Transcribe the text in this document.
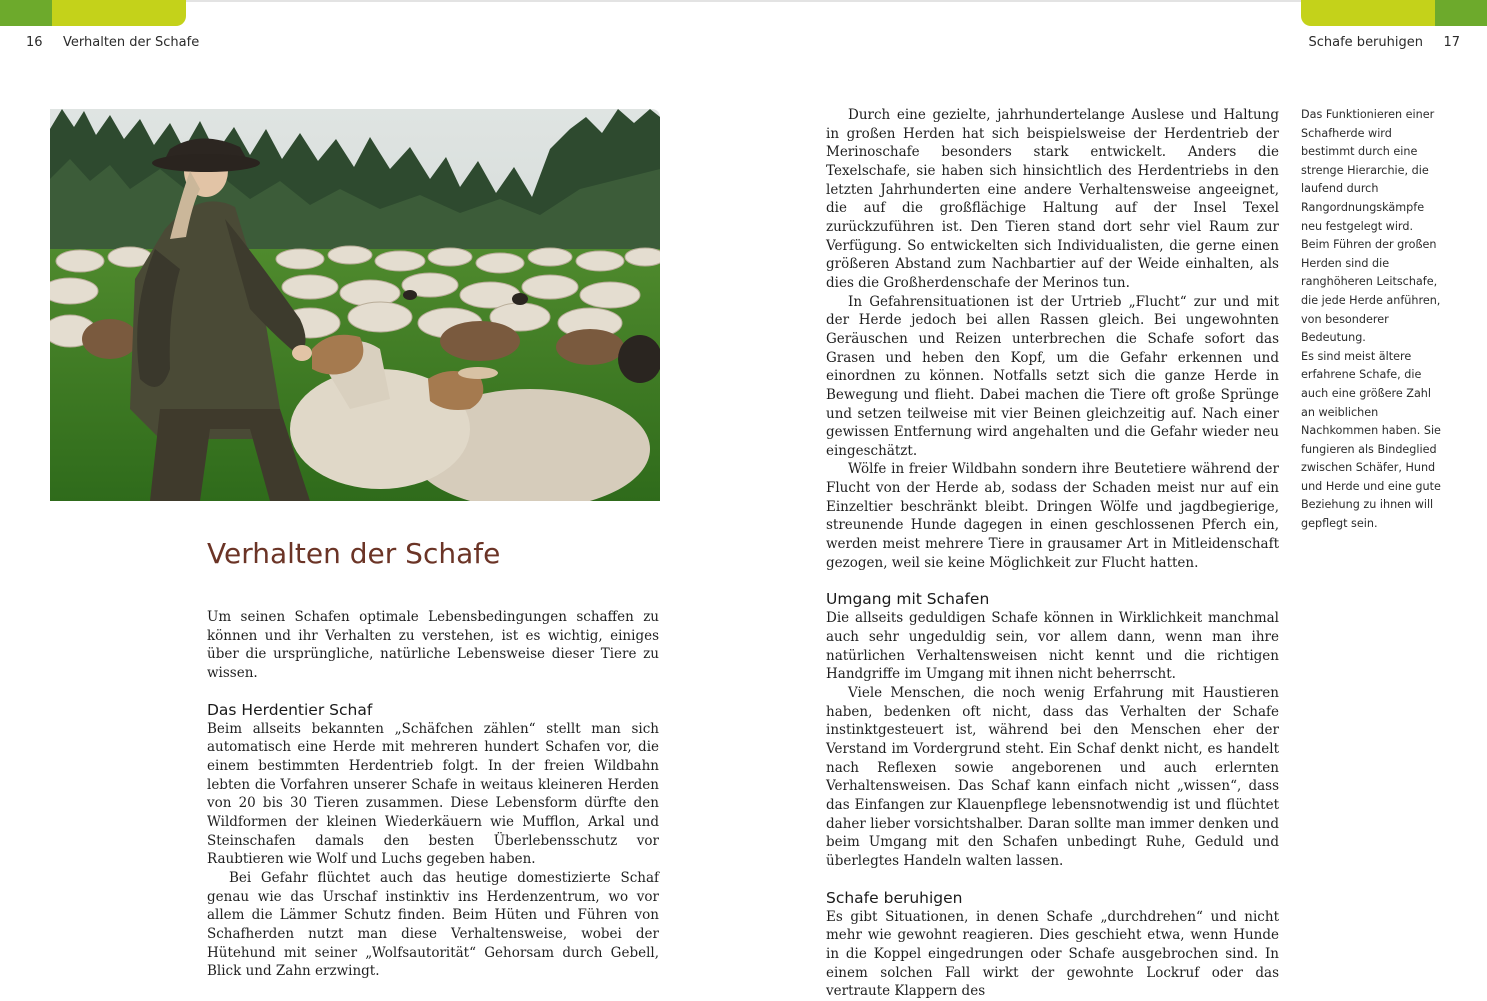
16 Verhalten der Schafe	Schafe beruhigen 17
Verhalten der Schafe

Um seinen Schafen optimale Lebensbedingungen schaffen zu können und ihr Verhalten zu verstehen, ist es wichtig, einiges über die ursprüngliche, natürliche Lebensweise dieser Tiere zu wissen.

Das Herdentier Schaf

Beim allseits bekannten „Schäfchen zählen“ stellt man sich automatisch eine Herde mit mehreren hundert Schafen vor, die einem bestimmten Herdentrieb folgt. In der freien Wildbahn lebten die Vorfahren unserer Schafe in weitaus kleineren Herden von 20 bis 30 Tieren zusammen. Diese Lebensform dürfte den Wildformen der kleinen Wiederkäuern wie Mufflon, Arkal und Steinschafen damals den besten Überlebensschutz vor Raubtieren wie Wolf und Luchs gegeben haben.

Bei Gefahr flüchtet auch das heutige domestizierte Schaf genau wie das Urschaf instinktiv ins Herdenzentrum, wo vor allem die Lämmer Schutz finden. Beim Hüten und Führen von Schafherden nutzt man diese Verhaltensweise, wobei der Hütehund mit seiner „Wolfsautorität“ Gehorsam durch Gebell, Blick und Zahn erzwingt.

Durch eine gezielte, jahrhundertelange Auslese und Haltung in großen Herden hat sich beispielsweise der Herdentrieb der Merinoschafe besonders stark entwickelt. Anders die Texelschafe, sie haben sich hinsichtlich des Herdentriebs in den letzten Jahrhunderten eine andere Verhaltensweise angeeignet, die auf die großflächige Haltung auf der Insel Texel zurückzuführen ist. Den Tieren stand dort sehr viel Raum zur Verfügung. So entwickelten sich Individualisten, die gerne einen größeren Abstand zum Nachbartier auf der Weide einhalten, als dies die Großherdenschafe der Merinos tun.

In Gefahrensituationen ist der Urtrieb „Flucht“ zur und mit der Herde jedoch bei allen Rassen gleich. Bei ungewohnten Geräuschen und Reizen unterbrechen die Schafe sofort das Grasen und heben den Kopf, um die Gefahr erkennen und einordnen zu können. Notfalls setzt sich die ganze Herde in Bewegung und flieht. Dabei machen die Tiere oft große Sprünge und setzen teilweise mit vier Beinen gleichzeitig auf. Nach einer gewissen Entfernung wird angehalten und die Gefahr wieder neu eingeschätzt.

Wölfe in freier Wildbahn sondern ihre Beutetiere während der Flucht von der Herde ab, sodass der Schaden meist nur auf ein Einzeltier beschränkt bleibt. Dringen Wölfe und jagdbegierige, streunende Hunde dagegen in einen geschlossenen Pferch ein, werden meist mehrere Tiere in grausamer Art in Mitleidenschaft gezogen, weil sie keine Möglichkeit zur Flucht hatten.

Umgang mit Schafen

Die allseits geduldigen Schafe können in Wirklichkeit manchmal auch sehr ungeduldig sein, vor allem dann, wenn man ihre natürlichen Verhaltensweisen nicht kennt und die richtigen Handgriffe im Umgang mit ihnen nicht beherrscht.

Viele Menschen, die noch wenig Erfahrung mit Haustieren haben, bedenken oft nicht, dass das Verhalten der Schafe instinktgesteuert ist, während bei den Menschen eher der Verstand im Vordergrund steht. Ein Schaf denkt nicht, es handelt nach Reflexen sowie angeborenen und auch erlernten Verhaltensweisen. Das Schaf kann einfach nicht „wissen“, dass das Einfangen zur Klauenpflege lebensnotwendig ist und flüchtet daher lieber vorsichtshalber. Daran sollte man immer denken und beim Umgang mit den Schafen unbedingt Ruhe, Geduld und überlegtes Handeln walten lassen.

Schafe beruhigen

Es gibt Situationen, in denen Schafe „durchdrehen“ und nicht mehr wie gewohnt reagieren. Dies geschieht etwa, wenn Hunde in die Koppel eingedrungen oder Schafe ausgebrochen sind. In einem solchen Fall wirkt der gewohnte Lockruf oder das vertraute Klappern des

Das Funktionieren einer Schafherde wird bestimmt durch eine strenge Hierarchie, die laufend durch Rangordnungskämpfe neu festgelegt wird.

Beim Führen der großen Herden sind die ranghöheren Leitschafe, die jede Herde anführen, von besonderer Bedeutung.

Es sind meist ältere erfahrene Schafe, die auch eine größere Zahl an weiblichen Nachkommen haben. Sie fungieren als Bindeglied zwischen Schäfer, Hund und Herde und eine gute Beziehung zu ihnen will gepflegt sein.
